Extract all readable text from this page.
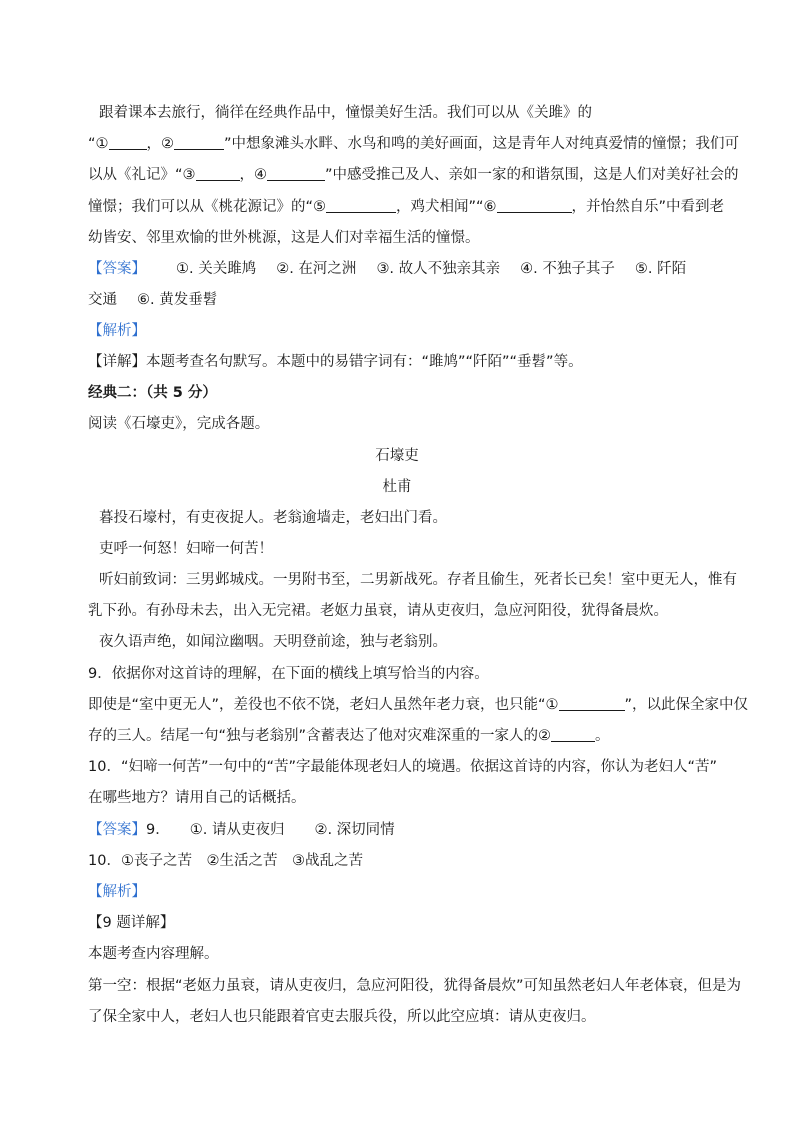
跟着课本去旅行，徜徉在经典作品中，憧憬美好生活。我们可以从《关雎》的
“①	，②	”中想象滩头水畔、水鸟和鸣的美好画面，这是青年人对纯真爱情的憧憬；我们可
以从《礼记》“③	，④	”中感受推己及人、亲如一家的和谐氛围，这是人们对美好社会的
憧憬；我们可以从《桃花源记》的“⑤	，鸡犬相闻”“⑥	，并怡然自乐”中看到老
幼皆安、邻里欢愉的世外桃源，这是人们对幸福生活的憧憬。
【答案】 ①. 关关雎鸠 ②. 在河之洲 ③. 故人不独亲其亲 ④. 不独子其子 ⑤. 阡陌
交通 ⑥. 黄发垂髫
【解析】
【详解】本题考查名句默写。本题中的易错字词有：“雎鸠”“阡陌”“垂髫”等。
经典二：（共 5 分）
阅读《石壕吏》，完成各题。
石壕吏
杜甫
暮投石壕村，有吏夜捉人。老翁逾墙走，老妇出门看。
吏呼一何怒！妇啼一何苦！
听妇前致词：三男邺城戍。一男附书至，二男新战死。存者且偷生，死者长已矣！室中更无人，惟有
乳下孙。有孙母未去，出入无完裙。老妪力虽衰，请从吏夜归，急应河阳役，犹得备晨炊。
夜久语声绝，如闻泣幽咽。天明登前途，独与老翁别。
9．依据你对这首诗的理解，在下面的横线上填写恰当的内容。
即使是“室中更无人”，差役也不依不饶，老妇人虽然年老力衰，也只能“①	”，以此保全家中仅
存的三人。结尾一句“独与老翁别”含蓄表达了他对灾难深重的一家人的②	。
10．“妇啼一何苦”一句中的“苦”字最能体现老妇人的境遇。依据这首诗的内容，你认为老妇人“苦”
在哪些地方？请用自己的话概括。
【答案】9． ①. 请从吏夜归 ②. 深切同情
10．①丧子之苦　②生活之苦　③战乱之苦
【解析】
【9 题详解】
本题考查内容理解。
第一空：根据“老妪力虽衰，请从吏夜归，急应河阳役，犹得备晨炊”可知虽然老妇人年老体衰，但是为
了保全家中人，老妇人也只能跟着官吏去服兵役，所以此空应填：请从吏夜归。
